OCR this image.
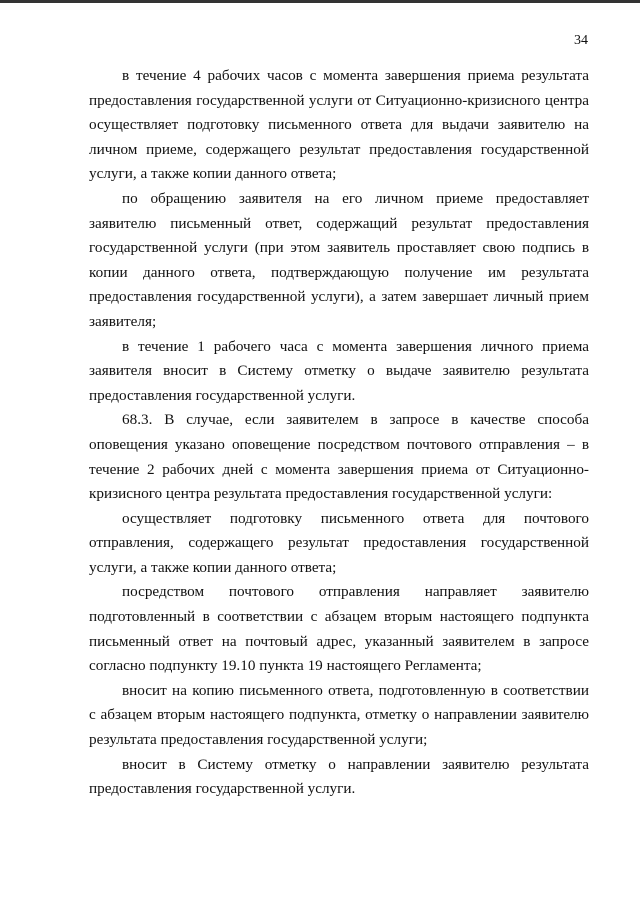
34

в течение 4 рабочих часов с момента завершения приема результата предоставления государственной услуги от Ситуационно-кризисного центра осуществляет подготовку письменного ответа для выдачи заявителю на личном приеме, содержащего результат предоставления государственной услуги, а также копии данного ответа;

по обращению заявителя на его личном приеме предоставляет заявителю письменный ответ, содержащий результат предоставления государственной услуги (при этом заявитель проставляет свою подпись в копии данного ответа, подтверждающую получение им результата предоставления государственной услуги), а затем завершает личный прием заявителя;

в течение 1 рабочего часа с момента завершения личного приема заявителя вносит в Систему отметку о выдаче заявителю результата предоставления государственной услуги.

68.3. В случае, если заявителем в запросе в качестве способа оповещения указано оповещение посредством почтового отправления – в течение 2 рабочих дней с момента завершения приема от Ситуационно-кризисного центра результата предоставления государственной услуги:

осуществляет подготовку письменного ответа для почтового отправления, содержащего результат предоставления государственной услуги, а также копии данного ответа;

посредством почтового отправления направляет заявителю подготовленный в соответствии с абзацем вторым настоящего подпункта письменный ответ на почтовый адрес, указанный заявителем в запросе согласно подпункту 19.10 пункта 19 настоящего Регламента;

вносит на копию письменного ответа, подготовленную в соответствии с абзацем вторым настоящего подпункта, отметку о направлении заявителю результата предоставления государственной услуги;

вносит в Систему отметку о направлении заявителю результата предоставления государственной услуги.
